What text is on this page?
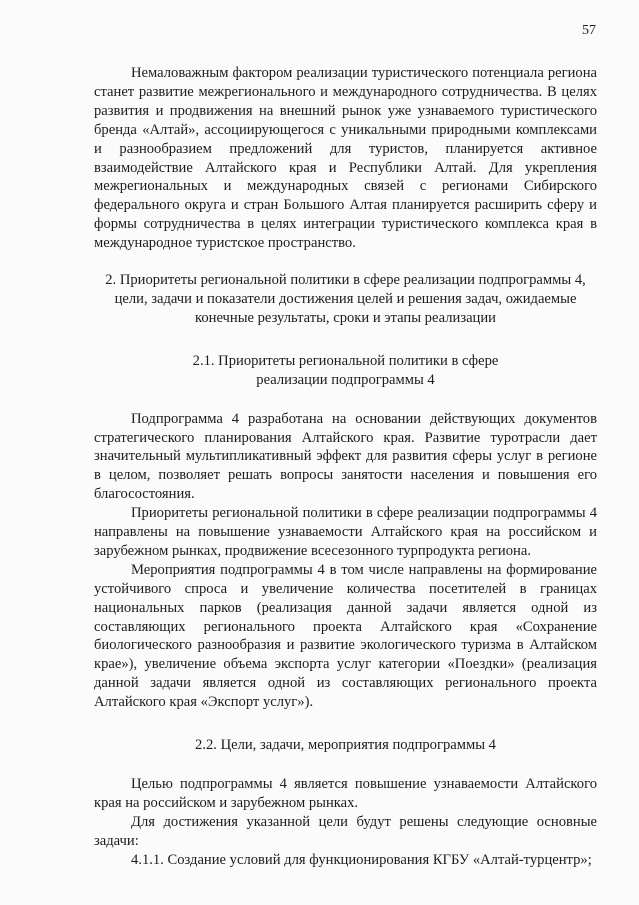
57

Немаловажным фактором реализации туристического потенциала региона станет развитие межрегионального и международного сотрудничества. В целях развития и продвижения на внешний рынок уже узнаваемого туристического бренда «Алтай», ассоциирующегося с уникальными природными комплексами и разнообразием предложений для туристов, планируется активное взаимодействие Алтайского края и Республики Алтай. Для укрепления межрегиональных и международных связей с регионами Сибирского федерального округа и стран Большого Алтая планируется расширить сферу и формы сотрудничества в целях интеграции туристического комплекса края в международное туристское пространство.

2. Приоритеты региональной политики в сфере реализации подпрограммы 4, цели, задачи и показатели достижения целей и решения задач, ожидаемые конечные результаты, сроки и этапы реализации

2.1. Приоритеты региональной политики в сфере

реализации подпрограммы 4

Подпрограмма 4 разработана на основании действующих документов стратегического планирования Алтайского края. Развитие туротрасли дает значительный мультипликативный эффект для развития сферы услуг в регионе в целом, позволяет решать вопросы занятости населения и повышения его благосостояния.

Приоритеты региональной политики в сфере реализации подпрограммы 4 направлены на повышение узнаваемости Алтайского края на российском и зарубежном рынках, продвижение всесезонного турпродукта региона.

Мероприятия подпрограммы 4 в том числе направлены на формирование устойчивого спроса и увеличение количества посетителей в границах национальных парков (реализация данной задачи является одной из составляющих регионального проекта Алтайского края «Сохранение биологического разнообразия и развитие экологического туризма в Алтайском крае»), увеличение объема экспорта услуг категории «Поездки» (реализация данной задачи является одной из составляющих регионального проекта Алтайского края «Экспорт услуг»).

2.2. Цели, задачи, мероприятия подпрограммы 4

Целью подпрограммы 4 является повышение узнаваемости Алтайского края на российском и зарубежном рынках.

Для достижения указанной цели будут решены следующие основные задачи:

4.1.1. Создание условий для функционирования КГБУ «Алтай-турцентр»;
